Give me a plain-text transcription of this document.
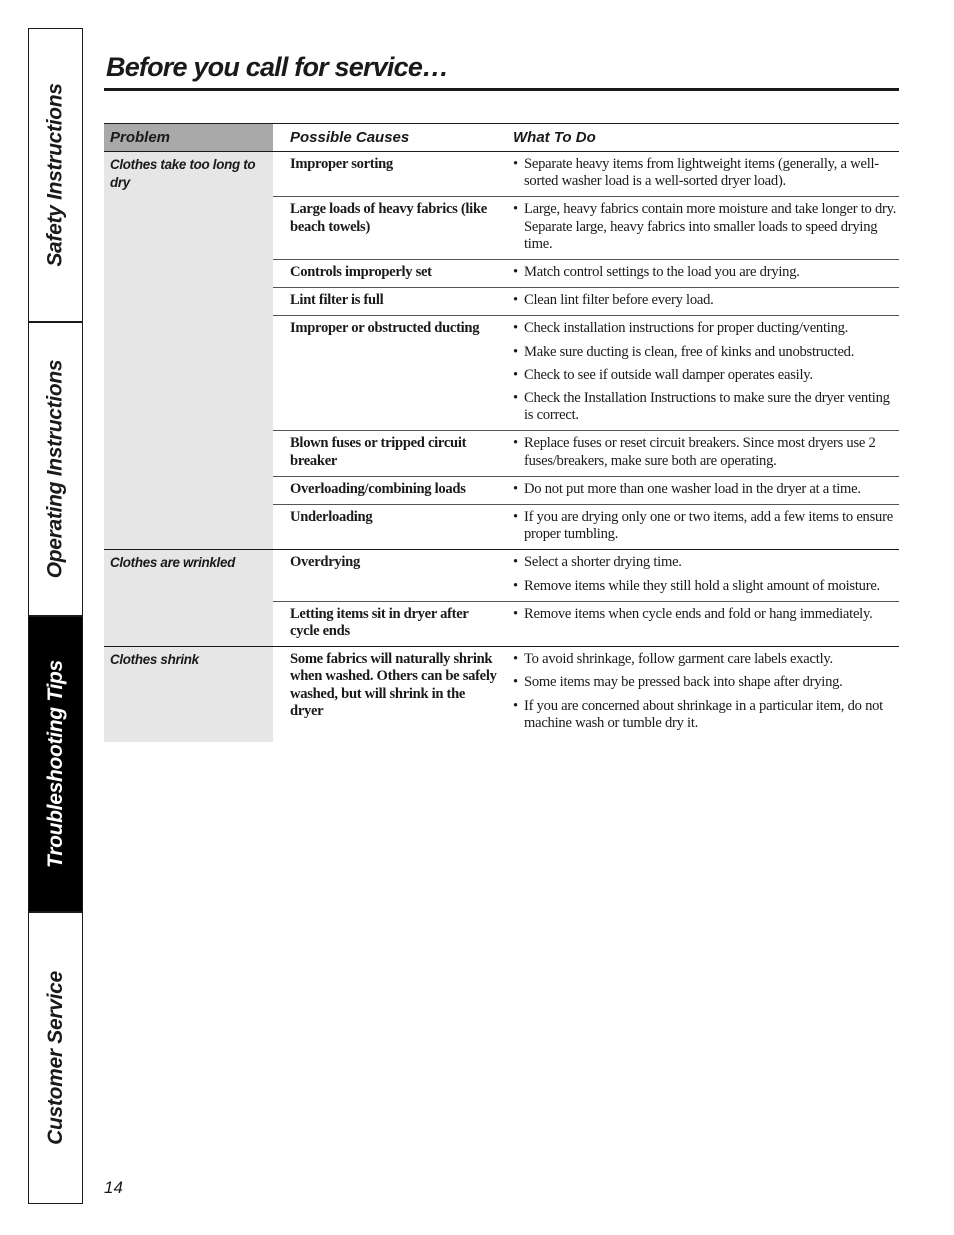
Safety Instructions
Operating Instructions
Troubleshooting Tips
Customer Service
Before you call for service…
Problem	Possible Causes	What To Do
Clothes take too long to dry	Improper sorting	• Separate heavy items from lightweight items (generally, a well-sorted washer load is a well-sorted dryer load).

	Large loads of heavy fabrics (like beach towels)	• Large, heavy fabrics contain more moisture and take longer to dry. Separate large, heavy fabrics into smaller loads to speed drying time.

	Controls improperly set	• Match control settings to the load you are drying.

	Lint filter is full	• Clean lint filter before every load.

	Improper or obstructed ducting	• Check installation instructions for proper ducting/venting.
• Make sure ducting is clean, free of kinks and unobstructed.
• Check to see if outside wall damper operates easily.
• Check the Installation Instructions to make sure the dryer venting is correct.

	Blown fuses or tripped circuit breaker	• Replace fuses or reset circuit breakers. Since most dryers use 2 fuses/breakers, make sure both are operating.

	Overloading/combining loads	• Do not put more than one washer load in the dryer at a time.

	Underloading	• If you are drying only one or two items, add a few items to ensure proper tumbling.

Clothes are wrinkled	Overdrying	• Select a shorter drying time.
• Remove items while they still hold a slight amount of moisture.

	Letting items sit in dryer after cycle ends	• Remove items when cycle ends and fold or hang immediately.

Clothes shrink	Some fabrics will naturally shrink when washed. Others can be safely washed, but will shrink in the dryer	• To avoid shrinkage, follow garment care labels exactly.
• Some items may be pressed back into shape after drying.
• If you are concerned about shrinkage in a particular item, do not machine wash or tumble dry it.
14
